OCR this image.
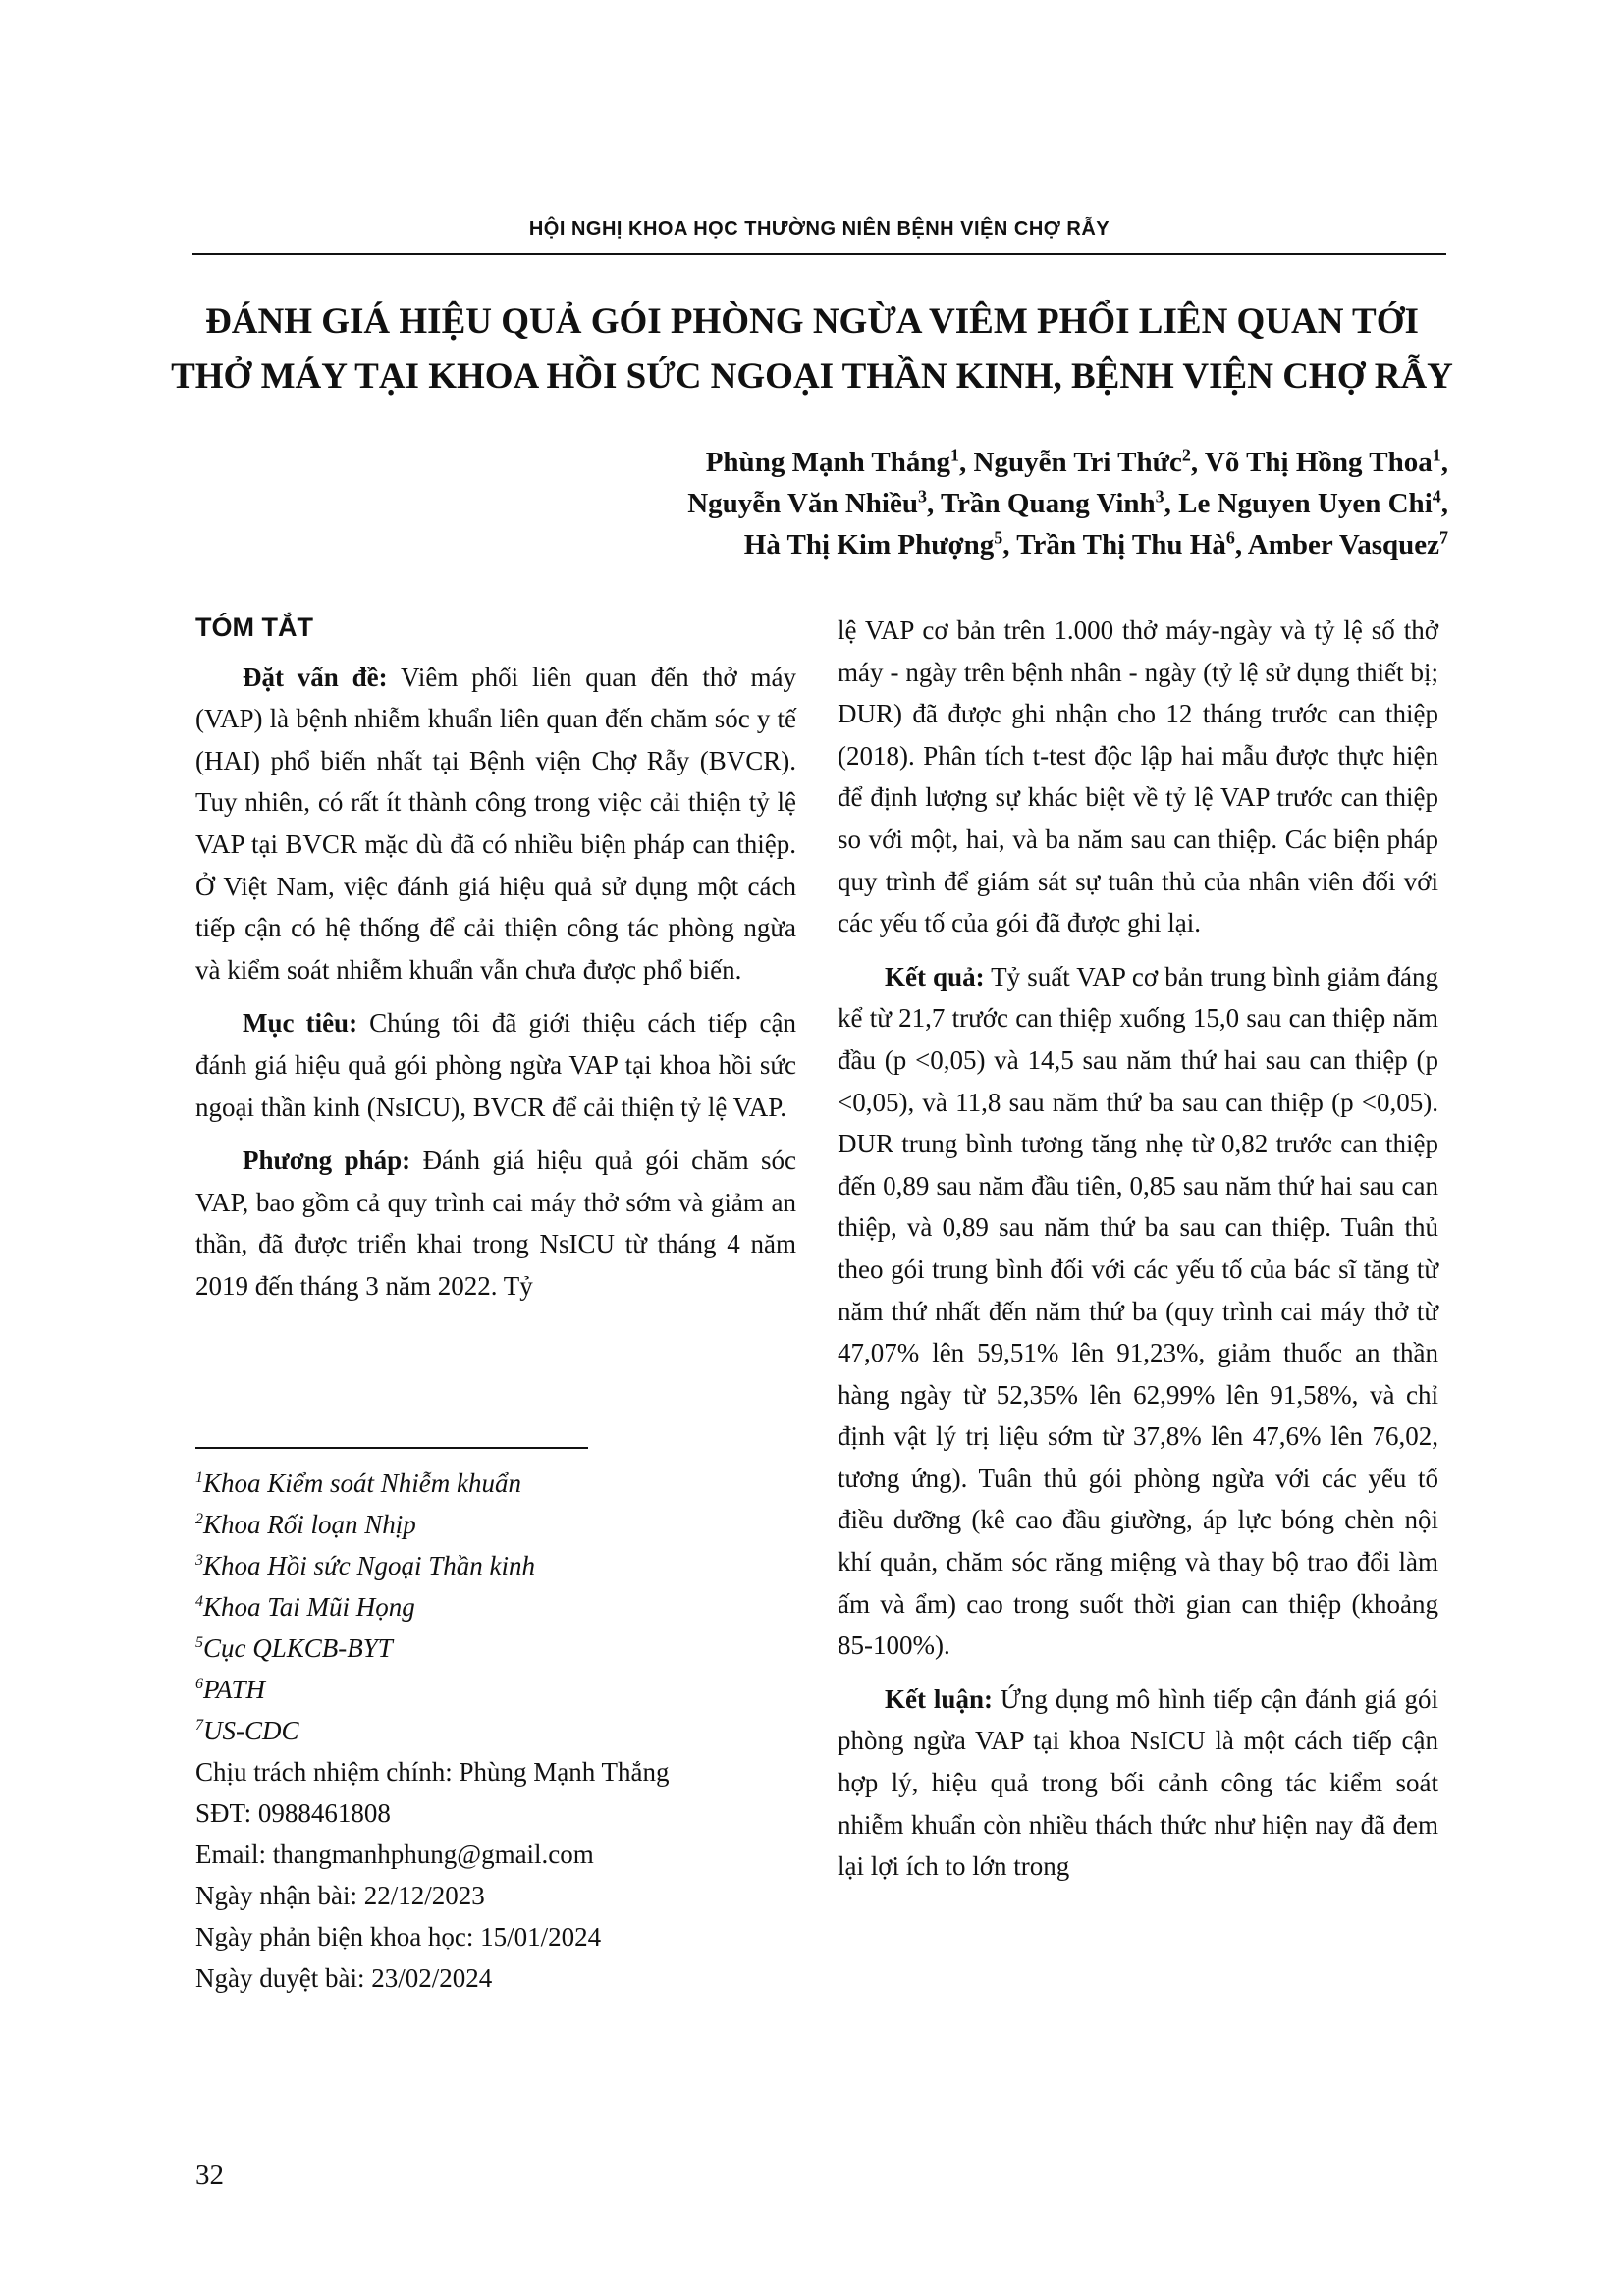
HỘI NGHỊ KHOA HỌC THƯỜNG NIÊN BỆNH VIỆN CHỢ RẪY
ĐÁNH GIÁ HIỆU QUẢ GÓI PHÒNG NGỪA VIÊM PHỔI LIÊN QUAN TỚI
THỞ MÁY TẠI KHOA HỒI SỨC NGOẠI THẦN KINH, BỆNH VIỆN CHỢ RẪY
Phùng Mạnh Thắng$^1$, Nguyễn Tri Thức$^2$, Võ Thị Hồng Thoa$^1$,
Nguyễn Văn Nhiều$^3$, Trần Quang Vinh$^3$, Le Nguyen Uyen Chi$^4$,
Hà Thị Kim Phượng$^5$, Trần Thị Thu $Hà^6$, Amber Vasquez$^7$
TÓM TẮT

Đặt vấn đề: Viêm phổi liên quan đến thở máy (VAP) là bệnh nhiễm khuẩn liên quan đến chăm sóc y tế (HAI) phổ biến nhất tại Bệnh viện Chợ Rẫy (BVCR). Tuy nhiên, có rất ít thành công trong việc cải thiện tỷ lệ VAP tại BVCR mặc dù đã có nhiều biện pháp can thiệp. Ở Việt Nam, việc đánh giá hiệu quả sử dụng một cách tiếp cận có hệ thống để cải thiện công tác phòng ngừa và kiểm soát nhiễm khuẩn vẫn chưa được phổ biến.

Mục tiêu: Chúng tôi đã giới thiệu cách tiếp cận đánh giá hiệu quả gói phòng ngừa VAP tại khoa hồi sức ngoại thần kinh (NsICU), BVCR để cải thiện tỷ lệ VAP.

Phương pháp: Đánh giá hiệu quả gói chăm sóc VAP, bao gồm cả quy trình cai máy thở sớm và giảm an thần, đã được triển khai trong NsICU từ tháng 4 năm 2019 đến tháng 3 năm 2022. Tỷ

$^1$Khoa Kiểm soát Nhiễm khuẩn
$^2$Khoa Rối loạn Nhịp
$^3$Khoa Hồi sức Ngoại Thần kinh
$^4$Khoa Tai Mũi Họng
$^5$Cục QLKCB-BYT
$^6$PATH
$^7$US-CDC
Chịu trách nhiệm chính: Phùng Mạnh Thắng
SĐT: 0988461808
Email: thangmanhphung@gmail.com
Ngày nhận bài: 22/12/2023
Ngày phản biện khoa học: 15/01/2024
Ngày duyệt bài: 23/02/2024

lệ VAP cơ bản trên 1.000 thở máy-ngày và tỷ lệ số thở máy - ngày trên bệnh nhân - ngày (tỷ lệ sử dụng thiết bị; DUR) đã được ghi nhận cho 12 tháng trước can thiệp (2018). Phân tích t-test độc lập hai mẫu được thực hiện để định lượng sự khác biệt về tỷ lệ VAP trước can thiệp so với một, hai, và ba năm sau can thiệp. Các biện pháp quy trình để giám sát sự tuân thủ của nhân viên đối với các yếu tố của gói đã được ghi lại.

Kết quả: Tỷ suất VAP cơ bản trung bình giảm đáng kể từ 21,7 trước can thiệp xuống 15,0 sau can thiệp năm đầu (p <0,05) và 14,5 sau năm thứ hai sau can thiệp (p <0,05), và 11,8 sau năm thứ ba sau can thiệp (p <0,05). DUR trung bình tương tăng nhẹ từ 0,82 trước can thiệp đến 0,89 sau năm đầu tiên, 0,85 sau năm thứ hai sau can thiệp, và 0,89 sau năm thứ ba sau can thiệp. Tuân thủ theo gói trung bình đối với các yếu tố của bác sĩ tăng từ năm thứ nhất đến năm thứ ba (quy trình cai máy thở từ 47,07% lên 59,51% lên 91,23%, giảm thuốc an thần hàng ngày từ 52,35% lên 62,99% lên 91,58%, và chỉ định vật lý trị liệu sớm từ 37,8% lên 47,6% lên 76,02, tương ứng). Tuân thủ gói phòng ngừa với các yếu tố điều dưỡng (kê cao đầu giường, áp lực bóng chèn nội khí quản, chăm sóc răng miệng và thay bộ trao đổi làm ấm và ẩm) cao trong suốt thời gian can thiệp (khoảng 85-100%).

Kết luận: Ứng dụng mô hình tiếp cận đánh giá gói phòng ngừa VAP tại khoa NsICU là một cách tiếp cận hợp lý, hiệu quả trong bối cảnh công tác kiểm soát nhiễm khuẩn còn nhiều thách thức như hiện nay đã đem lại lợi ích to lớn trong

32
